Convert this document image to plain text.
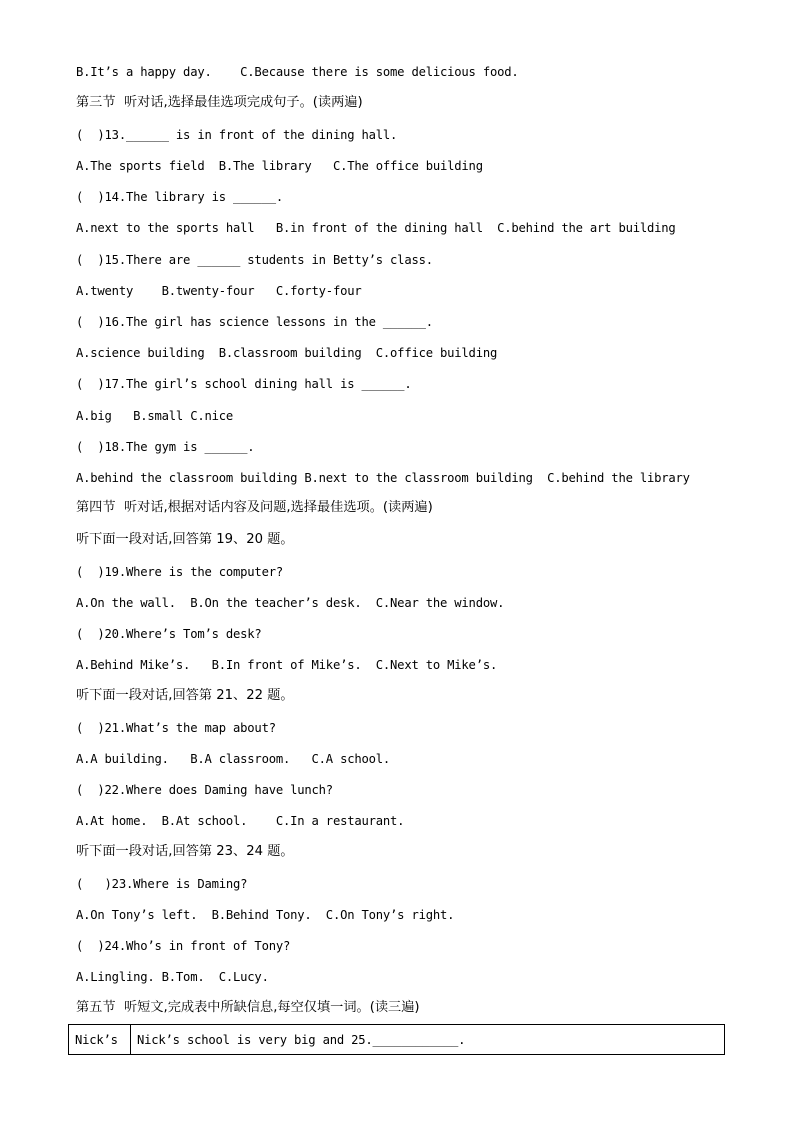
B.It’s a happy day.    C.Because there is some delicious food.
第三节  听对话,选择最佳选项完成句子。(读两遍)
(  )13.______ is in front of the dining hall.
A.The sports field  B.The library   C.The office building
(  )14.The library is ______.
A.next to the sports hall   B.in front of the dining hall  C.behind the art building
(  )15.There are ______ students in Betty’s class.
A.twenty    B.twenty-four   C.forty-four
(  )16.The girl has science lessons in the ______.
A.science building  B.classroom building  C.office building
(  )17.The girl’s school dining hall is ______.
A.big   B.small C.nice
(  )18.The gym is ______.
A.behind the classroom building B.next to the classroom building  C.behind the library
第四节  听对话,根据对话内容及问题,选择最佳选项。(读两遍)
听下面一段对话,回答第 19、20 题。
(  )19.Where is the computer?
A.On the wall.  B.On the teacher’s desk.  C.Near the window.
(  )20.Where’s Tom’s desk?
A.Behind Mike’s.   B.In front of Mike’s.  C.Next to Mike’s.
听下面一段对话,回答第 21、22 题。
(  )21.What’s the map about?
A.A building.   B.A classroom.   C.A school.
(  )22.Where does Daming have lunch?
A.At home.  B.At school.    C.In a restaurant.
听下面一段对话,回答第 23、24 题。
(   )23.Where is Daming?
A.On Tony’s left.  B.Behind Tony.  C.On Tony’s right.
(  )24.Who’s in front of Tony?
A.Lingling. B.Tom.  C.Lucy.
第五节  听短文,完成表中所缺信息,每空仅填一词。(读三遍)
Nick’s	Nick’s school is very big and 25.____________.
